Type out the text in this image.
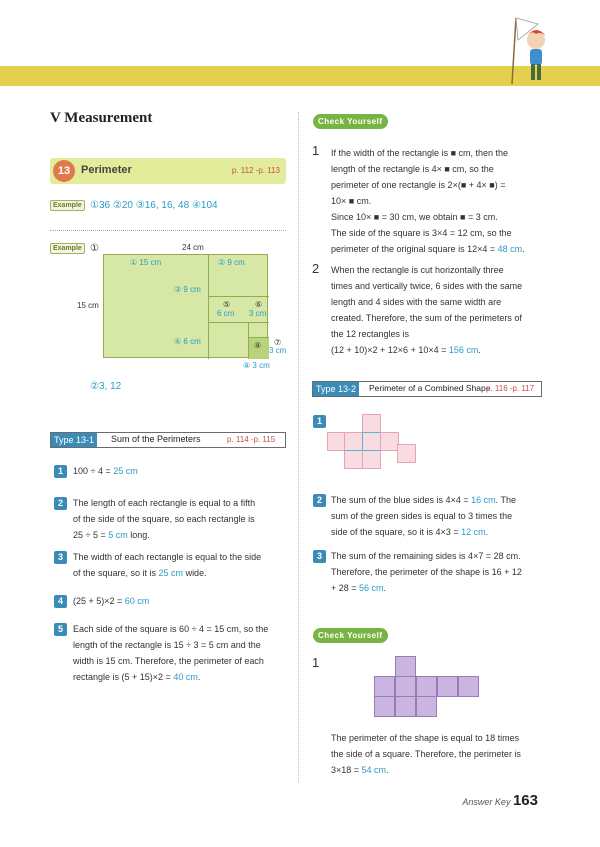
V Measurement
13 Perimeter	p. 112 -p. 113
Example ①36 ②20 ③16, 16, 48 ④104
Example ①	24 cm
15 cm
① 15 cm	② 9 cm
③ 9 cm
④ 6 cm
⑤
6 cm
⑥
3 cm
⑨ ⑦
3 cm
⑧ 3 cm
②3, 12
Type 13-1	Sum of the Perimeters	p. 114 -p. 115
1	100 ÷ 4 = 25 cm
2	The length of each rectangle is equal to a fifth
of the side of the square, so each rectangle is
25 ÷ 5 = 5 cm long.
3	The width of each rectangle is equal to the side
of the square, so it is 25 cm wide.
4	(25 + 5)×2 = 60 cm
5	Each side of the square is 60 ÷ 4 = 15 cm, so the
length of the rectangle is 15 ÷ 3 = 5 cm and the
width is 15 cm. Therefore, the perimeter of each
rectangle is (5 + 15)×2 = 40 cm.
Check Yourself
1 If the width of the rectangle is ■ cm, then the
length of the rectangle is 4× ■ cm, so the
perimeter of one rectangle is 2×(■ + 4× ■) =
10× ■ cm.
Since 10× ■ = 30 cm, we obtain ■ = 3 cm.
The side of the square is 3×4 = 12 cm, so the
perimeter of the original square is 12×4 = 48 cm.
2 When the rectangle is cut horizontally three
times and vertically twice, 6 sides with the same
length and 4 sides with the same width are
created. Therefore, the sum of the perimeters of
the 12 rectangles is
(12 + 10)×2 + 12×6 + 10×4 = 156 cm.
Type 13-2	Perimeter of a Combined Shape
p. 116 -p. 117
1
2	The sum of the blue sides is 4×4 = 16 cm. The
sum of the green sides is equal to 3 times the
side of the square, so it is 4×3 = 12 cm.
3	The sum of the remaining sides is 4×7 = 28 cm.
Therefore, the perimeter of the shape is 16 + 12
+ 28 = 56 cm.
Check Yourself
1
The perimeter of the shape is equal to 18 times
the side of a square. Therefore, the perimeter is
3×18 = 54 cm.
Answer Key 163
